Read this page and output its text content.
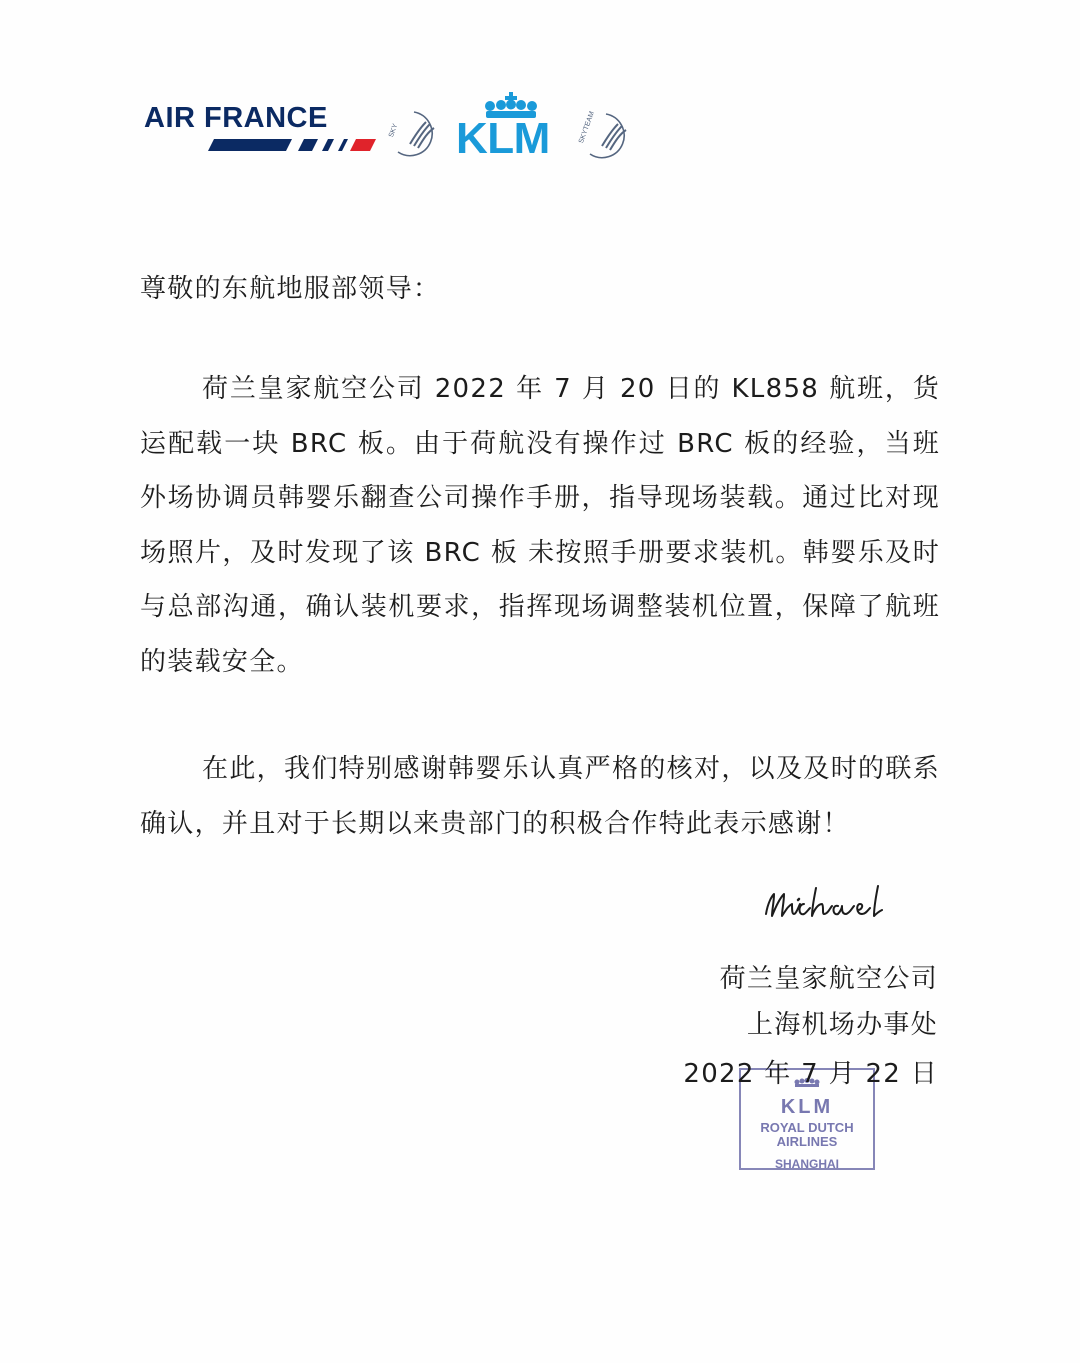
AIR FRANCE	SKY KLM	SKYTEAM
尊敬的东航地服部领导：
荷兰皇家航空公司 2022 年 7 月 20 日的 KL858 航班，货运配载一块 BRC 板。由于荷航没有操作过 BRC 板的经验，当班外场协调员韩婴乐翻查公司操作手册，指导现场装载。通过比对现场照片，及时发现了该 BRC 板 未按照手册要求装机。韩婴乐及时与总部沟通，确认装机要求，指挥现场调整装机位置，保障了航班的装载安全。
在此，我们特别感谢韩婴乐认真严格的核对，以及及时的联系确认，并且对于长期以来贵部门的积极合作特此表示感谢！
荷兰皇家航空公司
上海机场办事处
KLM
ROYAL DUTCH
AIRLINES
SHANGHAI
2022 年 7 月 22 日
